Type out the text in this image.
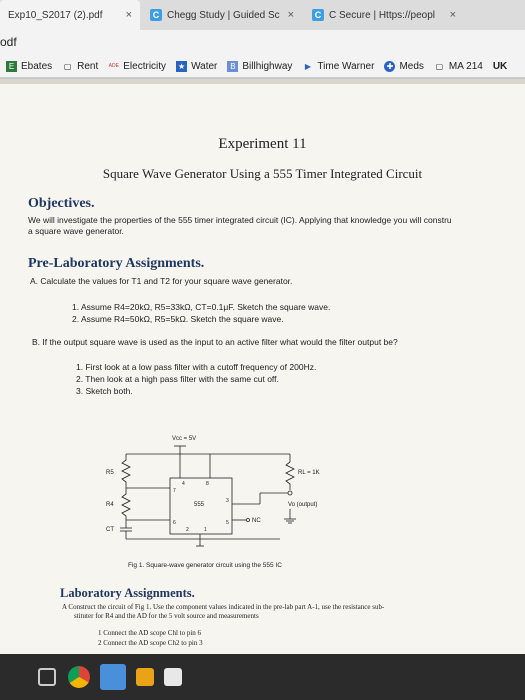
Exp10_S2017 (2).pdf	×	C Chegg Study | Guided Sc ×	C C Secure | Https://peopl	×
odf
E Ebates ▢ Rent ADE Electricity ★ Water	B Billhighway	▶ Time Warner ✚ Meds ▢ MA 214 UK
Experiment 11
Square Wave Generator Using a 555 Timer Integrated Circuit
Objectives.
We will investigate the properties of the 555 timer integrated circuit (IC). Applying that knowledge you will constru
a square wave generator.
Pre-Laboratory Assignments.
A. Calculate the values for T1 and T2 for your square wave generator.
1. Assume R4=20kΩ, R5=33kΩ, CT=0.1μF. Sketch the square wave.
2. Assume R4=50kΩ, R5=5kΩ. Sketch the square wave.
B. If the output square wave is used as the input to an active filter what would the filter output be?
1. First look at a low pass filter with a cutoff frequency of 200Hz.
2. Then look at a high pass filter with the same cut off.
3. Sketch both.
Vcc = 5V
R5
R4
CT
RL = 1K
555	Vo (output)
NC
4	8
7
3
6	5
2	1
Fig 1. Square-wave generator circuit using the 555 IC
Laboratory Assignments.
A Construct the circuit of Fig 1. Use the component values indicated in the pre-lab part A-1, use the resistance sub-
stituter for R4 and the AD for the 5 volt source and measurements
1 Connect the AD scope Chl to pin 6
2 Connect the AD scope Ch2 to pin 3
